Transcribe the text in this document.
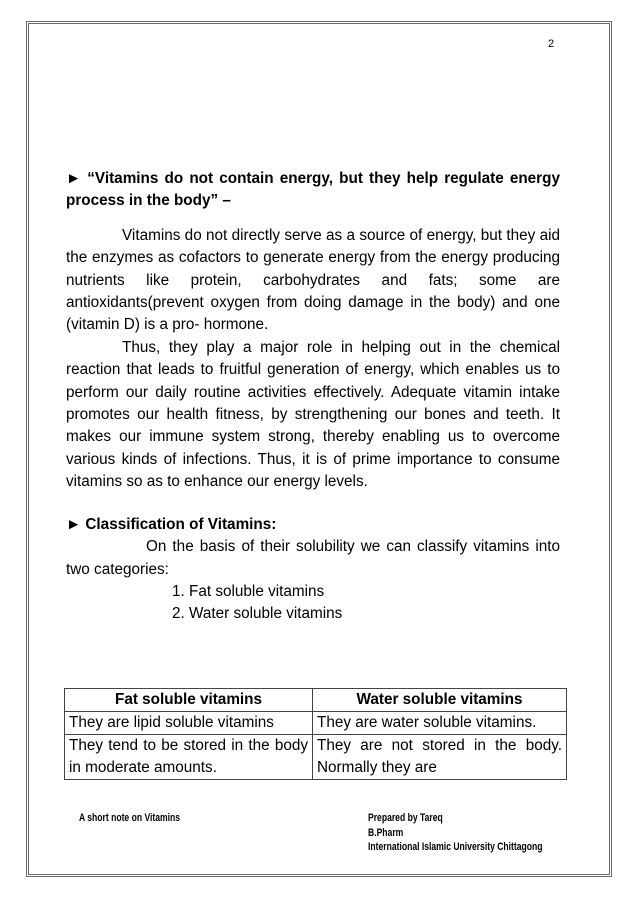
2

► “Vitamins do not contain energy, but they help regulate energy process in the body” –

Vitamins do not directly serve as a source of energy, but they aid the enzymes as cofactors to generate energy from the energy producing nutrients like protein, carbohydrates and fats; some are antioxidants(prevent oxygen from doing damage in the body) and one (vitamin D) is a pro- hormone.

Thus, they play a major role in helping out in the chemical reaction that leads to fruitful generation of energy, which enables us to perform our daily routine activities effectively. Adequate vitamin intake promotes our health fitness, by strengthening our bones and teeth. It makes our immune system strong, thereby enabling us to overcome various kinds of infections. Thus, it is of prime importance to consume vitamins so as to enhance our energy levels.

► Classification of Vitamins:

On the basis of their solubility we can classify vitamins into two categories:

1. Fat soluble vitamins

2. Water soluble vitamins

Fat soluble vitamins	Water soluble vitamins
They are lipid soluble vitamins	They are water soluble vitamins.
They tend to be stored in the body in moderate amounts.	They are not stored in the body. Normally they are
A short note on Vitamins	Prepared by Tareq
B.Pharm
International Islamic University Chittagong
